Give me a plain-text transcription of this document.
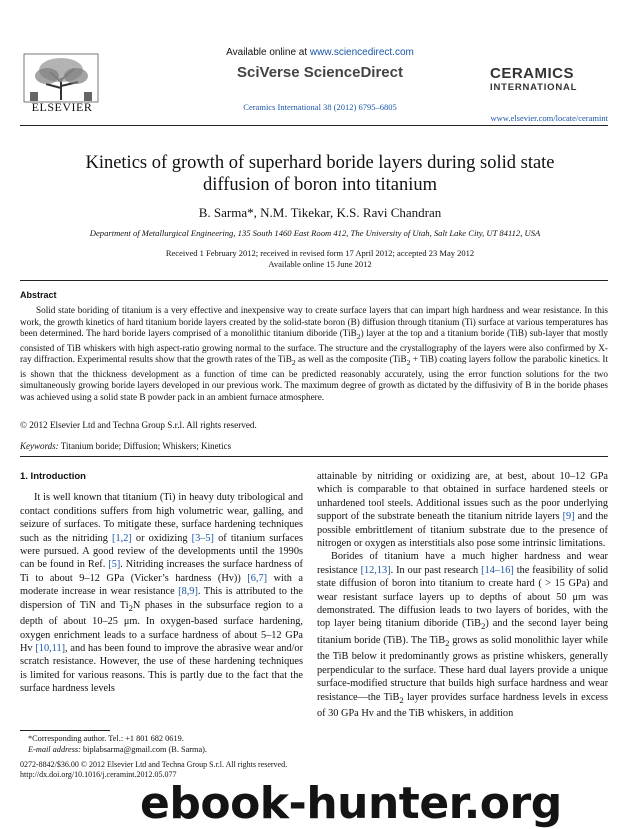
ELSEVIER
Available online at www.sciencedirect.com
SciVerse ScienceDirect
Ceramics International 38 (2012) 6795–6805
CERAMICS
INTERNATIONAL
www.elsevier.com/locate/ceramint
Kinetics of growth of superhard boride layers during solid state
diffusion of boron into titanium
B. Sarma*, N.M. Tikekar, K.S. Ravi Chandran
Department of Metallurgical Engineering, 135 South 1460 East Room 412, The University of Utah, Salt Lake City, UT 84112, USA
Received 1 February 2012; received in revised form 17 April 2012; accepted 23 May 2012
Available online 15 June 2012
Abstract
Solid state boriding of titanium is a very effective and inexpensive way to create surface layers that can impart high hardness and wear resistance. In this work, the growth kinetics of hard titanium boride layers created by the solid-state boron (B) diffusion through titanium (Ti) surface at various temperatures has been determined. The hard boride layers comprised of a monolithic titanium diboride (TiB$_2$) layer at the top and a titanium boride (TiB) sub-layer that mostly consisted of TiB whiskers with high aspect-ratio growing normal to the surface. The structure and the crystallography of the layers were also confirmed by X-ray diffraction. Experimental results show that the growth rates of the TiB$_2$ as well as the composite (TiB$_2$ + TiB) coating layers follow the parabolic kinetics. It is shown that the thickness development as a function of time can be predicted reasonably accurately, using the error function solutions for the two simultaneously growing boride layers developed in our previous work. The maximum degree of growth as dictated by the diffusivity of B in the boride phases was achieved using a solid state B powder pack in an ambient furnace atmosphere.
© 2012 Elsevier Ltd and Techna Group S.r.l. All rights reserved.
Keywords: Titanium boride; Diffusion; Whiskers; Kinetics
1. Introduction

It is well known that titanium (Ti) in heavy duty tribological and contact conditions suffers from high volumetric wear, galling, and seizure of surfaces. To mitigate these, surface hardening techniques such as the nitriding [1,2] or oxidizing [3–5] of titanium surfaces were pursued. A good review of the developments until the 1990s can be found in Ref. [5]. Nitriding increases the surface hardness of Ti to about 9–12 GPa (Vicker’s hardness (Hv)) [6,7] with a moderate increase in wear resistance [8,9]. This is attributed to the dispersion of TiN and $Ti_2N$ phases in the subsurface region to a depth of about 10–25 μm. In oxygen-based surface hardening, oxygen enrichment leads to a surface hardness of about 5–12 GPa Hv [10,11], and has been found to improve the abrasive wear and/or scratch resistance. However, the use of these hardening techniques is limited for various reasons. This is partly due to the fact that the surface hardness levels

attainable by nitriding or oxidizing are, at best, about 10–12 GPa which is comparable to that obtained in surface hardened steels or unhardened tool steels. Additional issues such as the poor underlying support of the substrate beneath the titanium nitride layers [9] and the possible embrittlement of titanium substrate due to the presence of nitrogen or oxygen as interstitials also pose some intrinsic limitations.

Borides of titanium have a much higher hardness and wear resistance [12,13]. In our past research [14–16] the feasibility of solid state diffusion of boron into titanium to create hard ( > 15 GPa) and wear resistant surface layers up to depths of about 50 μm was demonstrated. The diffusion leads to two layers of borides, with the top layer being titanium diboride (TiB$_2$) and the second layer being titanium boride (TiB). The TiB$_2$ grows as solid monolithic layer while the TiB below it predominantly grows as pristine whiskers, generally perpendicular to the surface. These hard dual layers provide a unique surface-modified structure that builds high surface hardness and wear resistance—the TiB$_2$ layer provides surface hardness levels in excess of 30 GPa Hv and the TiB whiskers, in addition

*Corresponding author. Tel.: +1 801 682 0619.
E-mail address: biplabsarma@gmail.com (B. Sarma).
0272-8842/$36.00 © 2012 Elsevier Ltd and Techna Group S.r.l. All rights reserved.
http://dx.doi.org/10.1016/j.ceramint.2012.05.077
ebook-hunter.org
